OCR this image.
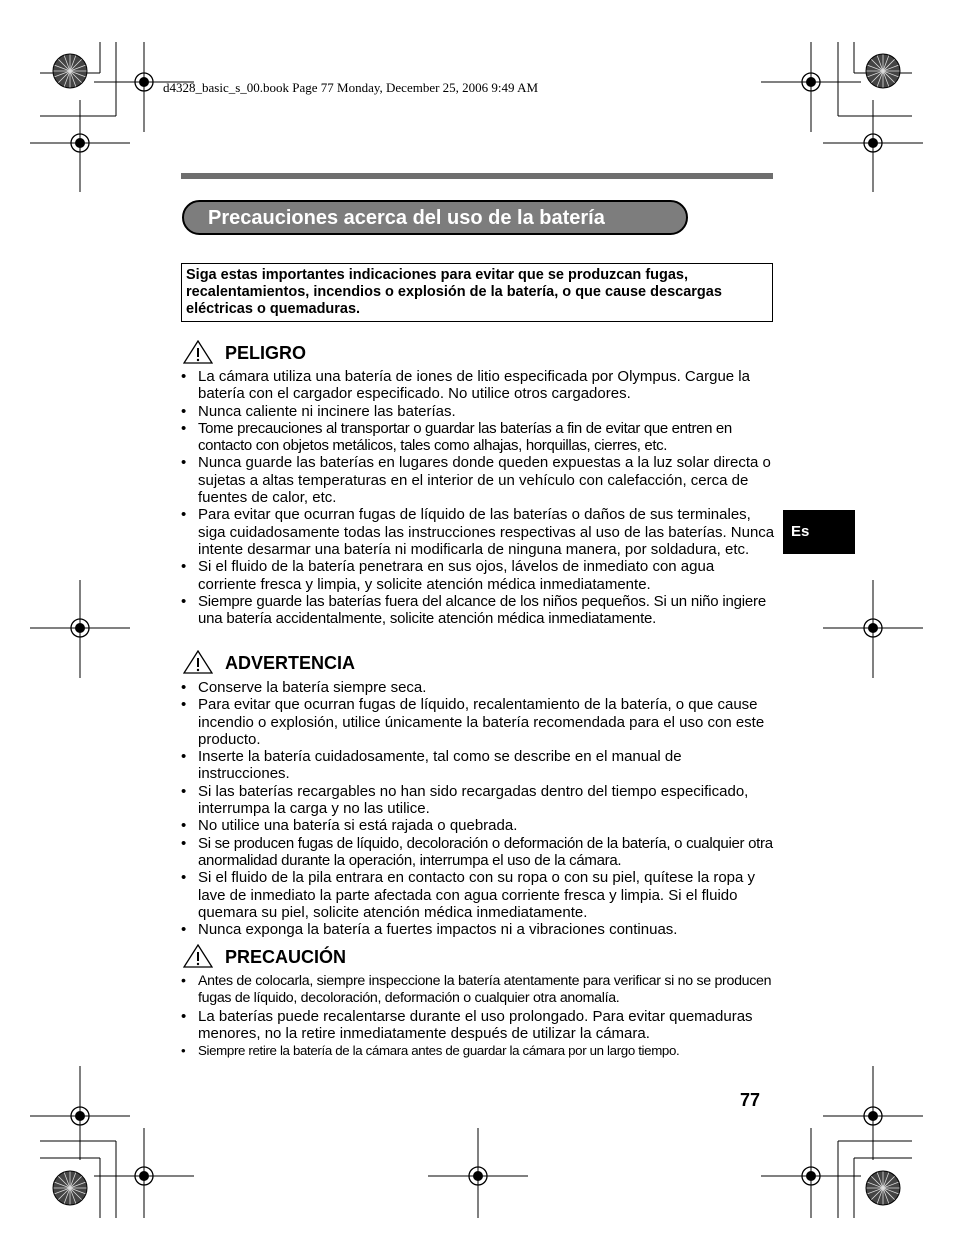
d4328_basic_s_00.book Page 77 Monday, December 25, 2006 9:49 AM
Precauciones acerca del uso de la batería
Siga estas importantes indicaciones para evitar que se produzcan fugas, recalentamientos, incendios o explosión de la batería, o que cause descargas eléctricas o quemaduras.
PELIGRO
• La cámara utiliza una batería de iones de litio especificada por Olympus. Cargue la batería con el cargador especificado. No utilice otros cargadores.
• Nunca caliente ni incinere las baterías.
• Tome precauciones al transportar o guardar las baterías a fin de evitar que entren en contacto con objetos metálicos, tales como alhajas, horquillas, cierres, etc.
• Nunca guarde las baterías en lugares donde queden expuestas a la luz solar directa o sujetas a altas temperaturas en el interior de un vehículo con calefacción, cerca de fuentes de calor, etc.
• Para evitar que ocurran fugas de líquido de las baterías o daños de sus terminales, siga cuidadosamente todas las instrucciones respectivas al uso de las baterías. Nunca intente desarmar una batería ni modificarla de ninguna manera, por soldadura, etc.
• Si el fluido de la batería penetrara en sus ojos, lávelos de inmediato con agua corriente fresca y limpia, y solicite atención médica inmediatamente.
• Siempre guarde las baterías fuera del alcance de los niños pequeños. Si un niño ingiere una batería accidentalmente, solicite atención médica inmediatamente.
ADVERTENCIA
• Conserve la batería siempre seca.
• Para evitar que ocurran fugas de líquido, recalentamiento de la batería, o que cause incendio o explosión, utilice únicamente la batería recomendada para el uso con este producto.
• Inserte la batería cuidadosamente, tal como se describe en el manual de instrucciones.
• Si las baterías recargables no han sido recargadas dentro del tiempo especificado, interrumpa la carga y no las utilice.
• No utilice una batería si está rajada o quebrada.
• Si se producen fugas de líquido, decoloración o deformación de la batería, o cualquier otra anormalidad durante la operación, interrumpa el uso de la cámara.
• Si el fluido de la pila entrara en contacto con su ropa o con su piel, quítese la ropa y lave de inmediato la parte afectada con agua corriente fresca y limpia. Si el fluido quemara su piel, solicite atención médica inmediatamente.
• Nunca exponga la batería a fuertes impactos ni a vibraciones continuas.
PRECAUCIÓN
• Antes de colocarla, siempre inspeccione la batería atentamente para verificar si no se producen fugas de líquido, decoloración, deformación o cualquier otra anomalía.
• La baterías puede recalentarse durante el uso prolongado. Para evitar quemaduras menores, no la retire inmediatamente después de utilizar la cámara.
• Siempre retire la batería de la cámara antes de guardar la cámara por un largo tiempo.
Es
77
